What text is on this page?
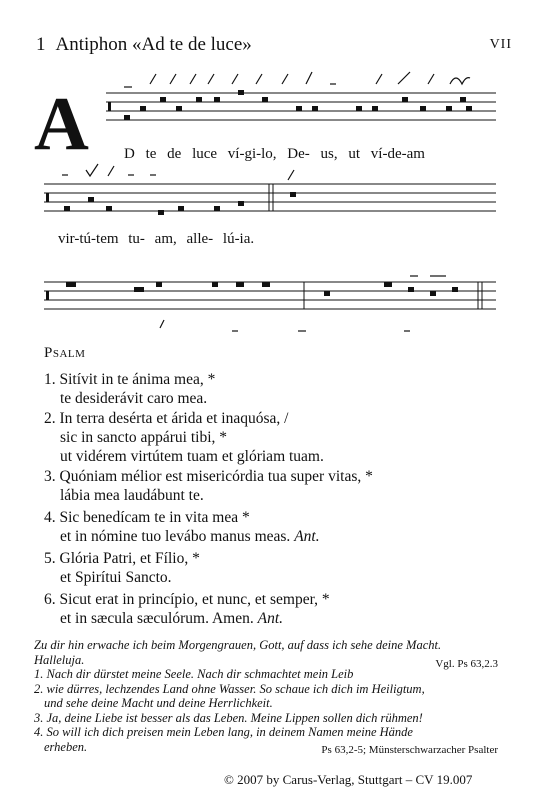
1 Antiphon «Ad te de luce»	VII
A D te de luce ví-gi-lo, De- us, ut ví-de-am
vir-tú-tem tu- am, alle- lú-ia.
Psalm
1. Sitívit in te ánima mea, *
te desiderávit caro mea.
2. In terra desérta et árida et inaquósa, /
sic in sancto appárui tibi, *
ut vidérem virtútem tuam et glóriam tuam.
3. Quóniam mélior est misericórdia tua super vitas, *
lábia mea laudábunt te.
4. Sic benedícam te in vita mea *
et in nómine tuo levábo manus meas. Ant.
5. Glória Patri, et Fílio, *
et Spirítui Sancto.
6. Sicut erat in princípio, et nunc, et semper, *
et in sæcula sæculórum. Amen. Ant.
Zu dir hin erwache ich beim Morgengrauen, Gott, auf dass ich sehe deine Macht.
Halleluja.	Vgl. Ps 63,2.3
1. Nach dir dürstet meine Seele. Nach dir schmachtet mein Leib
2. wie dürres, lechzendes Land ohne Wasser. So schaue ich dich im Heiligtum,
und sehe deine Macht und deine Herrlichkeit.
3. Ja, deine Liebe ist besser als das Leben. Meine Lippen sollen dich rühmen!
4. So will ich dich preisen mein Leben lang, in deinem Namen meine Hände
erheben.	Ps 63,2-5; Münsterschwarzacher Psalter
© 2007 by Carus-Verlag, Stuttgart – CV 19.007
